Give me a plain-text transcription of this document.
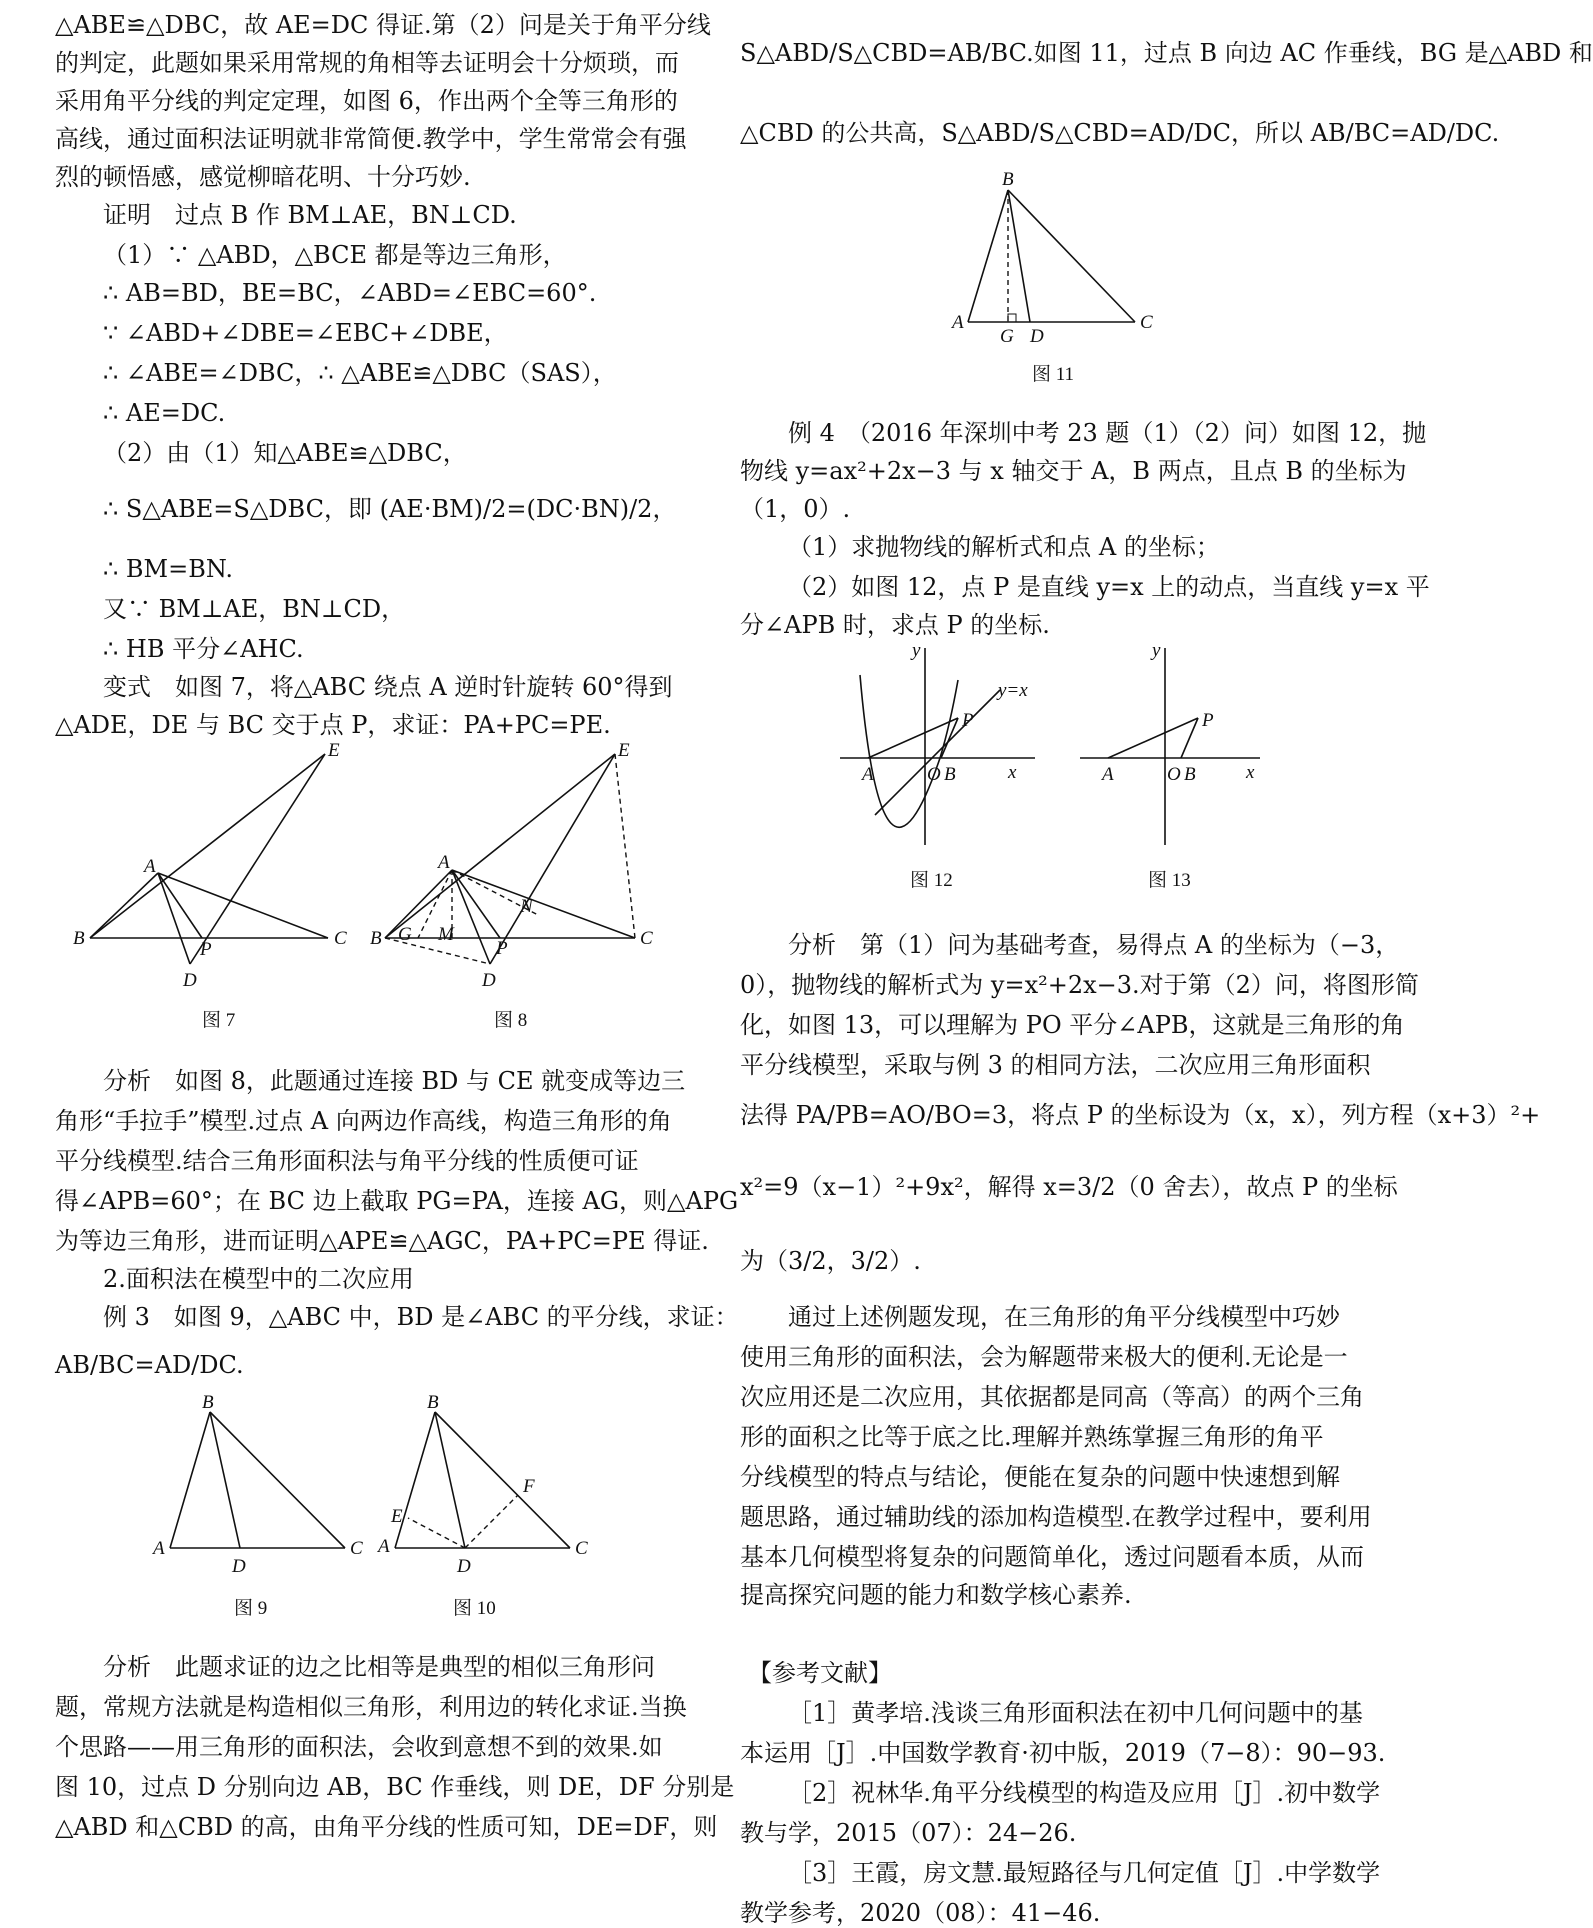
△ABE≌△DBC，故 AE=DC 得证.第（2）问是关于角平分线
的判定，此题如果采用常规的角相等去证明会十分烦琐，而
采用角平分线的判定定理，如图 6，作出两个全等三角形的
高线，通过面积法证明就非常简便.教学中，学生常常会有强
烈的顿悟感，感觉柳暗花明、十分巧妙.
证明　过点 B 作 BM⊥AE，BN⊥CD.
（1）∵ △ABD，△BCE 都是等边三角形，
∴ AB=BD，BE=BC，∠ABD=∠EBC=60°.
∵ ∠ABD+∠DBE=∠EBC+∠DBE，
∴ ∠ABE=∠DBC，∴ △ABE≌△DBC（SAS），
∴ AE=DC.
（2）由（1）知△ABE≌△DBC，
∴ S△ABE=S△DBC，即 (AE·BM)/2=(DC·BN)/2，
∴ BM=BN.
又∵ BM⊥AE，BN⊥CD，
∴ HB 平分∠AHC.
变式　如图 7，将△ABC 绕点 A 逆时针旋转 60°得到
△ADE，DE 与 BC 交于点 P，求证：PA+PC=PE.
分析　如图 8，此题通过连接 BD 与 CE 就变成等边三
角形“手拉手”模型.过点 A 向两边作高线，构造三角形的角
平分线模型.结合三角形面积法与角平分线的性质便可证
得∠APB=60°；在 BC 边上截取 PG=PA，连接 AG，则△APG
为等边三角形，进而证明△APE≌△AGC，PA+PC=PE 得证.
2.面积法在模型中的二次应用
例 3　如图 9，△ABC 中，BD 是∠ABC 的平分线，求证：
AB/BC=AD/DC.
分析　此题求证的边之比相等是典型的相似三角形问
题，常规方法就是构造相似三角形，利用边的转化求证.当换
个思路——用三角形的面积法，会收到意想不到的效果.如
图 10，过点 D 分别向边 AB，BC 作垂线，则 DE，DF 分别是
△ABD 和△CBD 的高，由角平分线的性质可知，DE=DF，则
S△ABD/S△CBD=AB/BC.如图 11，过点 B 向边 AC 作垂线，BG 是△ABD 和
△CBD 的公共高，S△ABD/S△CBD=AD/DC，所以 AB/BC=AD/DC.
例 4　（2016 年深圳中考 23 题（1）（2）问）如图 12，抛
物线 y=ax²+2x−3 与 x 轴交于 A，B 两点，且点 B 的坐标为
（1，0）.
（1）求抛物线的解析式和点 A 的坐标；
（2）如图 12，点 P 是直线 y=x 上的动点，当直线 y=x 平
分∠APB 时，求点 P 的坐标.
分析　第（1）问为基础考查，易得点 A 的坐标为（−3，
0），抛物线的解析式为 y=x²+2x−3.对于第（2）问，将图形简
化，如图 13，可以理解为 PO 平分∠APB，这就是三角形的角
平分线模型，采取与例 3 的相同方法，二次应用三角形面积
法得 PA/PB=AO/BO=3，将点 P 的坐标设为（x，x），列方程（x+3）²+
x²=9（x−1）²+9x²，解得 x=3/2（0 舍去），故点 P 的坐标
为（3/2，3/2）.
通过上述例题发现，在三角形的角平分线模型中巧妙
使用三角形的面积法，会为解题带来极大的便利.无论是一
次应用还是二次应用，其依据都是同高（等高）的两个三角
形的面积之比等于底之比.理解并熟练掌握三角形的角平
分线模型的特点与结论，便能在复杂的问题中快速想到解
题思路，通过辅助线的添加构造模型.在教学过程中，要利用
基本几何模型将复杂的问题简单化，透过问题看本质，从而
提高探究问题的能力和数学核心素养.
【参考文献】
［1］黄孝培.浅谈三角形面积法在初中几何问题中的基
本运用［J］.中国数学教育·初中版，2019（7−8）：90−93.
［2］祝林华.角平分线模型的构造及应用［J］.初中数学
教与学，2015（07）：24−26.
［3］王霞，房文慧.最短路径与几何定值［J］.中学数学
教学参考，2020（08）：41−46.
E
A
B	C
P
D
图 7
E
A
N
B G M	C
P
D
图 8
B
A
D
C
图 9
B
F
E
A
D
C
图 10
B
A
G D
C
图 11
y
y=x
P
A	O B	x
图 12
y
P
A	O B	x
图 13
